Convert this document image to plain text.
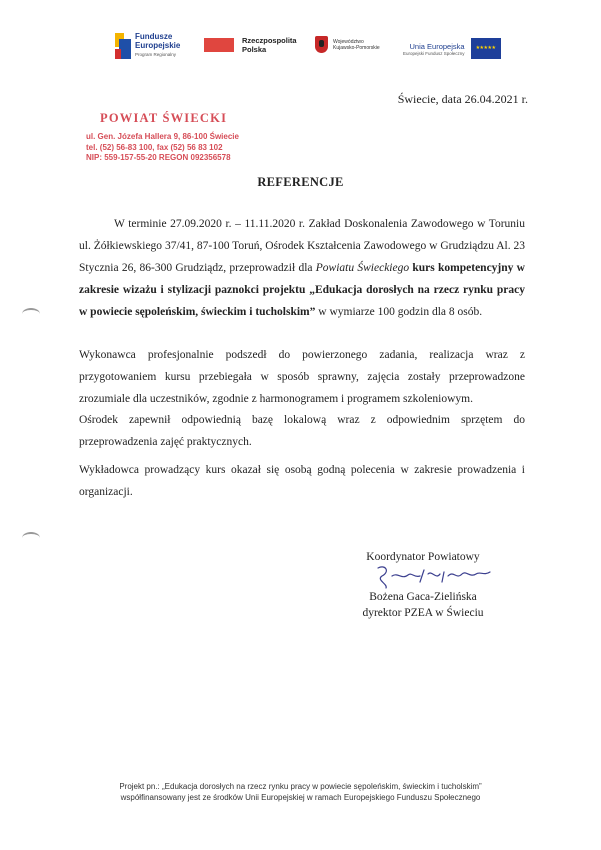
Fundusze
Europejskie
Program Regionalny
Rzeczpospolita
Polska
Województwo
Kujawsko-Pomorskie	Unia Europejska
Europejski Fundusz Społeczny
★★★★★
Świecie, data 26.04.2021 r.
POWIAT ŚWIECKI
ul. Gen. Józefa Hallera 9, 86-100 Świecie
tel. (52) 56-83 100, fax (52) 56 83 102
NIP: 559-157-55-20 REGON 092356578
REFERENCJE
W terminie 27.09.2020 r. – 11.11.2020 r. Zakład Doskonalenia Zawodowego w Toruniu ul. Żółkiewskiego 37/41, 87-100 Toruń, Ośrodek Kształcenia Zawodowego w Grudziądzu Al. 23 Stycznia 26, 86-300 Grudziądz, przeprowadził dla Powiatu Świeckiego kurs kompetencyjny w zakresie wizażu i stylizacji paznokci projektu „Edukacja dorosłych na rzecz rynku pracy w powiecie sępoleńskim, świeckim i tucholskim” w wymiarze 100 godzin dla 8 osób.
Wykonawca profesjonalnie podszedł do powierzonego zadania, realizacja wraz z przygotowaniem kursu przebiegała w sposób sprawny, zajęcia zostały przeprowadzone zrozumiale dla uczestników, zgodnie z harmonogramem i programem szkoleniowym.
Ośrodek zapewnił odpowiednią bazę lokalową wraz z odpowiednim sprzętem do przeprowadzenia zajęć praktycznych.
Wykładowca prowadzący kurs okazał się osobą godną polecenia w zakresie prowadzenia i organizacji.
Koordynator Powiatowy
Bożena Gaca-Zielińska
dyrektor PZEA w Świeciu
Projekt pn.: „Edukacja dorosłych na rzecz rynku pracy w powiecie sępoleńskim, świeckim i tucholskim”
współfinansowany jest ze środków Unii Europejskiej w ramach Europejskiego Funduszu Społecznego
